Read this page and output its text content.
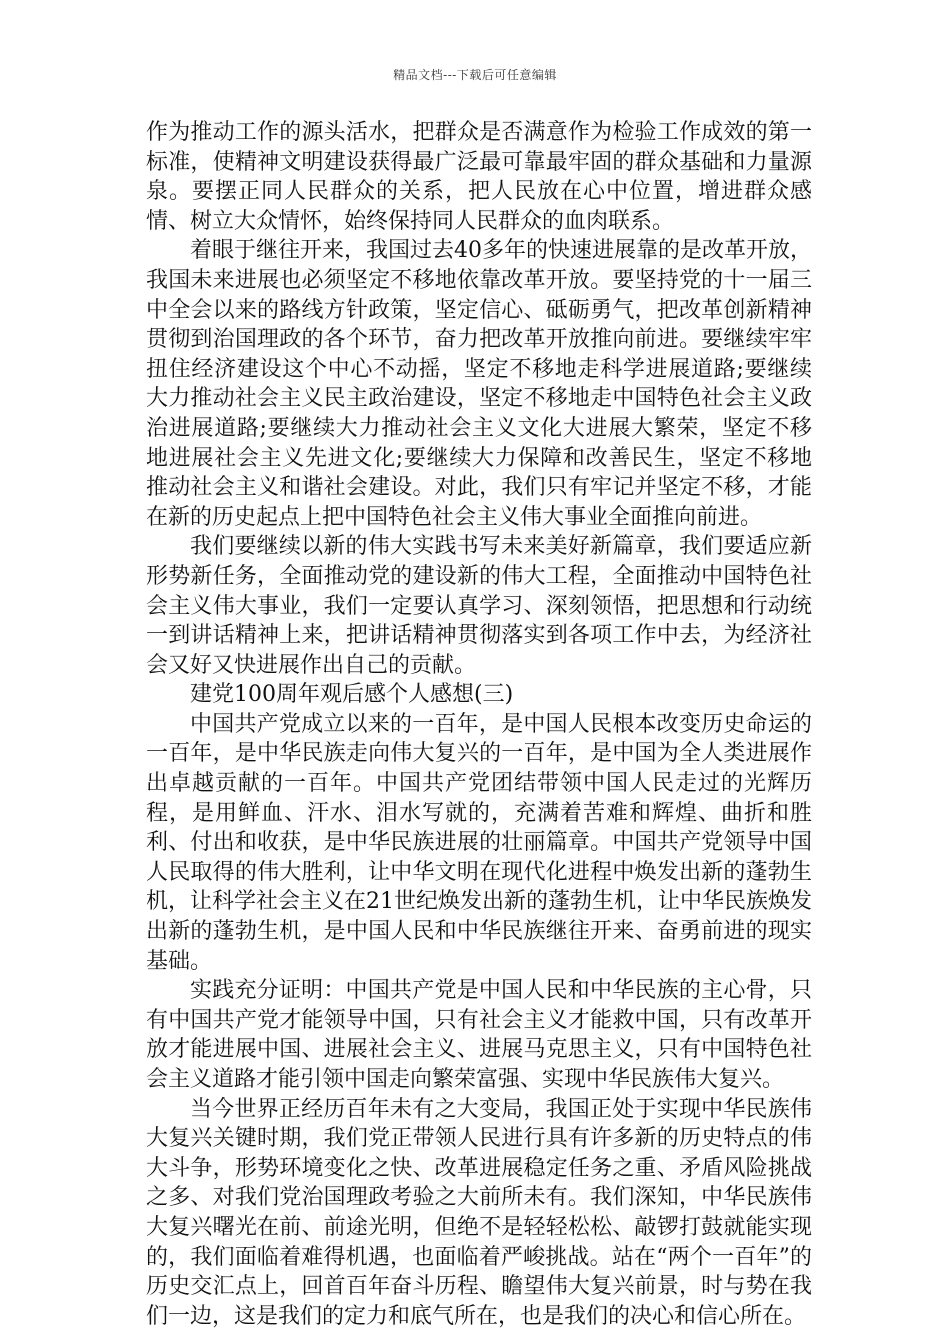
精品文档---下载后可任意编辑

作为推动工作的源头活水，把群众是否满意作为检验工作成效的第一标准，使精神文明建设获得最广泛最可靠最牢固的群众基础和力量源泉。要摆正同人民群众的关系，把人民放在心中位置，增进群众感情、树立大众情怀，始终保持同人民群众的血肉联系。

着眼于继往开来，我国过去40多年的快速进展靠的是改革开放，我国未来进展也必须坚定不移地依靠改革开放。要坚持党的十一届三中全会以来的路线方针政策，坚定信心、砥砺勇气，把改革创新精神贯彻到治国理政的各个环节，奋力把改革开放推向前进。要继续牢牢扭住经济建设这个中心不动摇，坚定不移地走科学进展道路;要继续大力推动社会主义民主政治建设，坚定不移地走中国特色社会主义政治进展道路;要继续大力推动社会主义文化大进展大繁荣，坚定不移地进展社会主义先进文化;要继续大力保障和改善民生，坚定不移地推动社会主义和谐社会建设。对此，我们只有牢记并坚定不移，才能在新的历史起点上把中国特色社会主义伟大事业全面推向前进。

我们要继续以新的伟大实践书写未来美好新篇章，我们要适应新形势新任务，全面推动党的建设新的伟大工程，全面推动中国特色社会主义伟大事业，我们一定要认真学习、深刻领悟，把思想和行动统一到讲话精神上来，把讲话精神贯彻落实到各项工作中去，为经济社会又好又快进展作出自己的贡献。

建党100周年观后感个人感想(三)

中国共产党成立以来的一百年，是中国人民根本改变历史命运的一百年，是中华民族走向伟大复兴的一百年，是中国为全人类进展作出卓越贡献的一百年。中国共产党团结带领中国人民走过的光辉历程，是用鲜血、汗水、泪水写就的，充满着苦难和辉煌、曲折和胜利、付出和收获，是中华民族进展的壮丽篇章。中国共产党领导中国人民取得的伟大胜利，让中华文明在现代化进程中焕发出新的蓬勃生机，让科学社会主义在21世纪焕发出新的蓬勃生机，让中华民族焕发出新的蓬勃生机，是中国人民和中华民族继往开来、奋勇前进的现实基础。

实践充分证明：中国共产党是中国人民和中华民族的主心骨，只有中国共产党才能领导中国，只有社会主义才能救中国，只有改革开放才能进展中国、进展社会主义、进展马克思主义，只有中国特色社会主义道路才能引领中国走向繁荣富强、实现中华民族伟大复兴。

当今世界正经历百年未有之大变局，我国正处于实现中华民族伟大复兴关键时期，我们党正带领人民进行具有许多新的历史特点的伟大斗争，形势环境变化之快、改革进展稳定任务之重、矛盾风险挑战之多、对我们党治国理政考验之大前所未有。我们深知，中华民族伟大复兴曙光在前、前途光明，但绝不是轻轻松松、敲锣打鼓就能实现的，我们面临着难得机遇，也面临着严峻挑战。站在“两个一百年”的历史交汇点上，回首百年奋斗历程、瞻望伟大复兴前景，时与势在我们一边，这是我们的定力和底气所在，也是我们的决心和信心所在。
